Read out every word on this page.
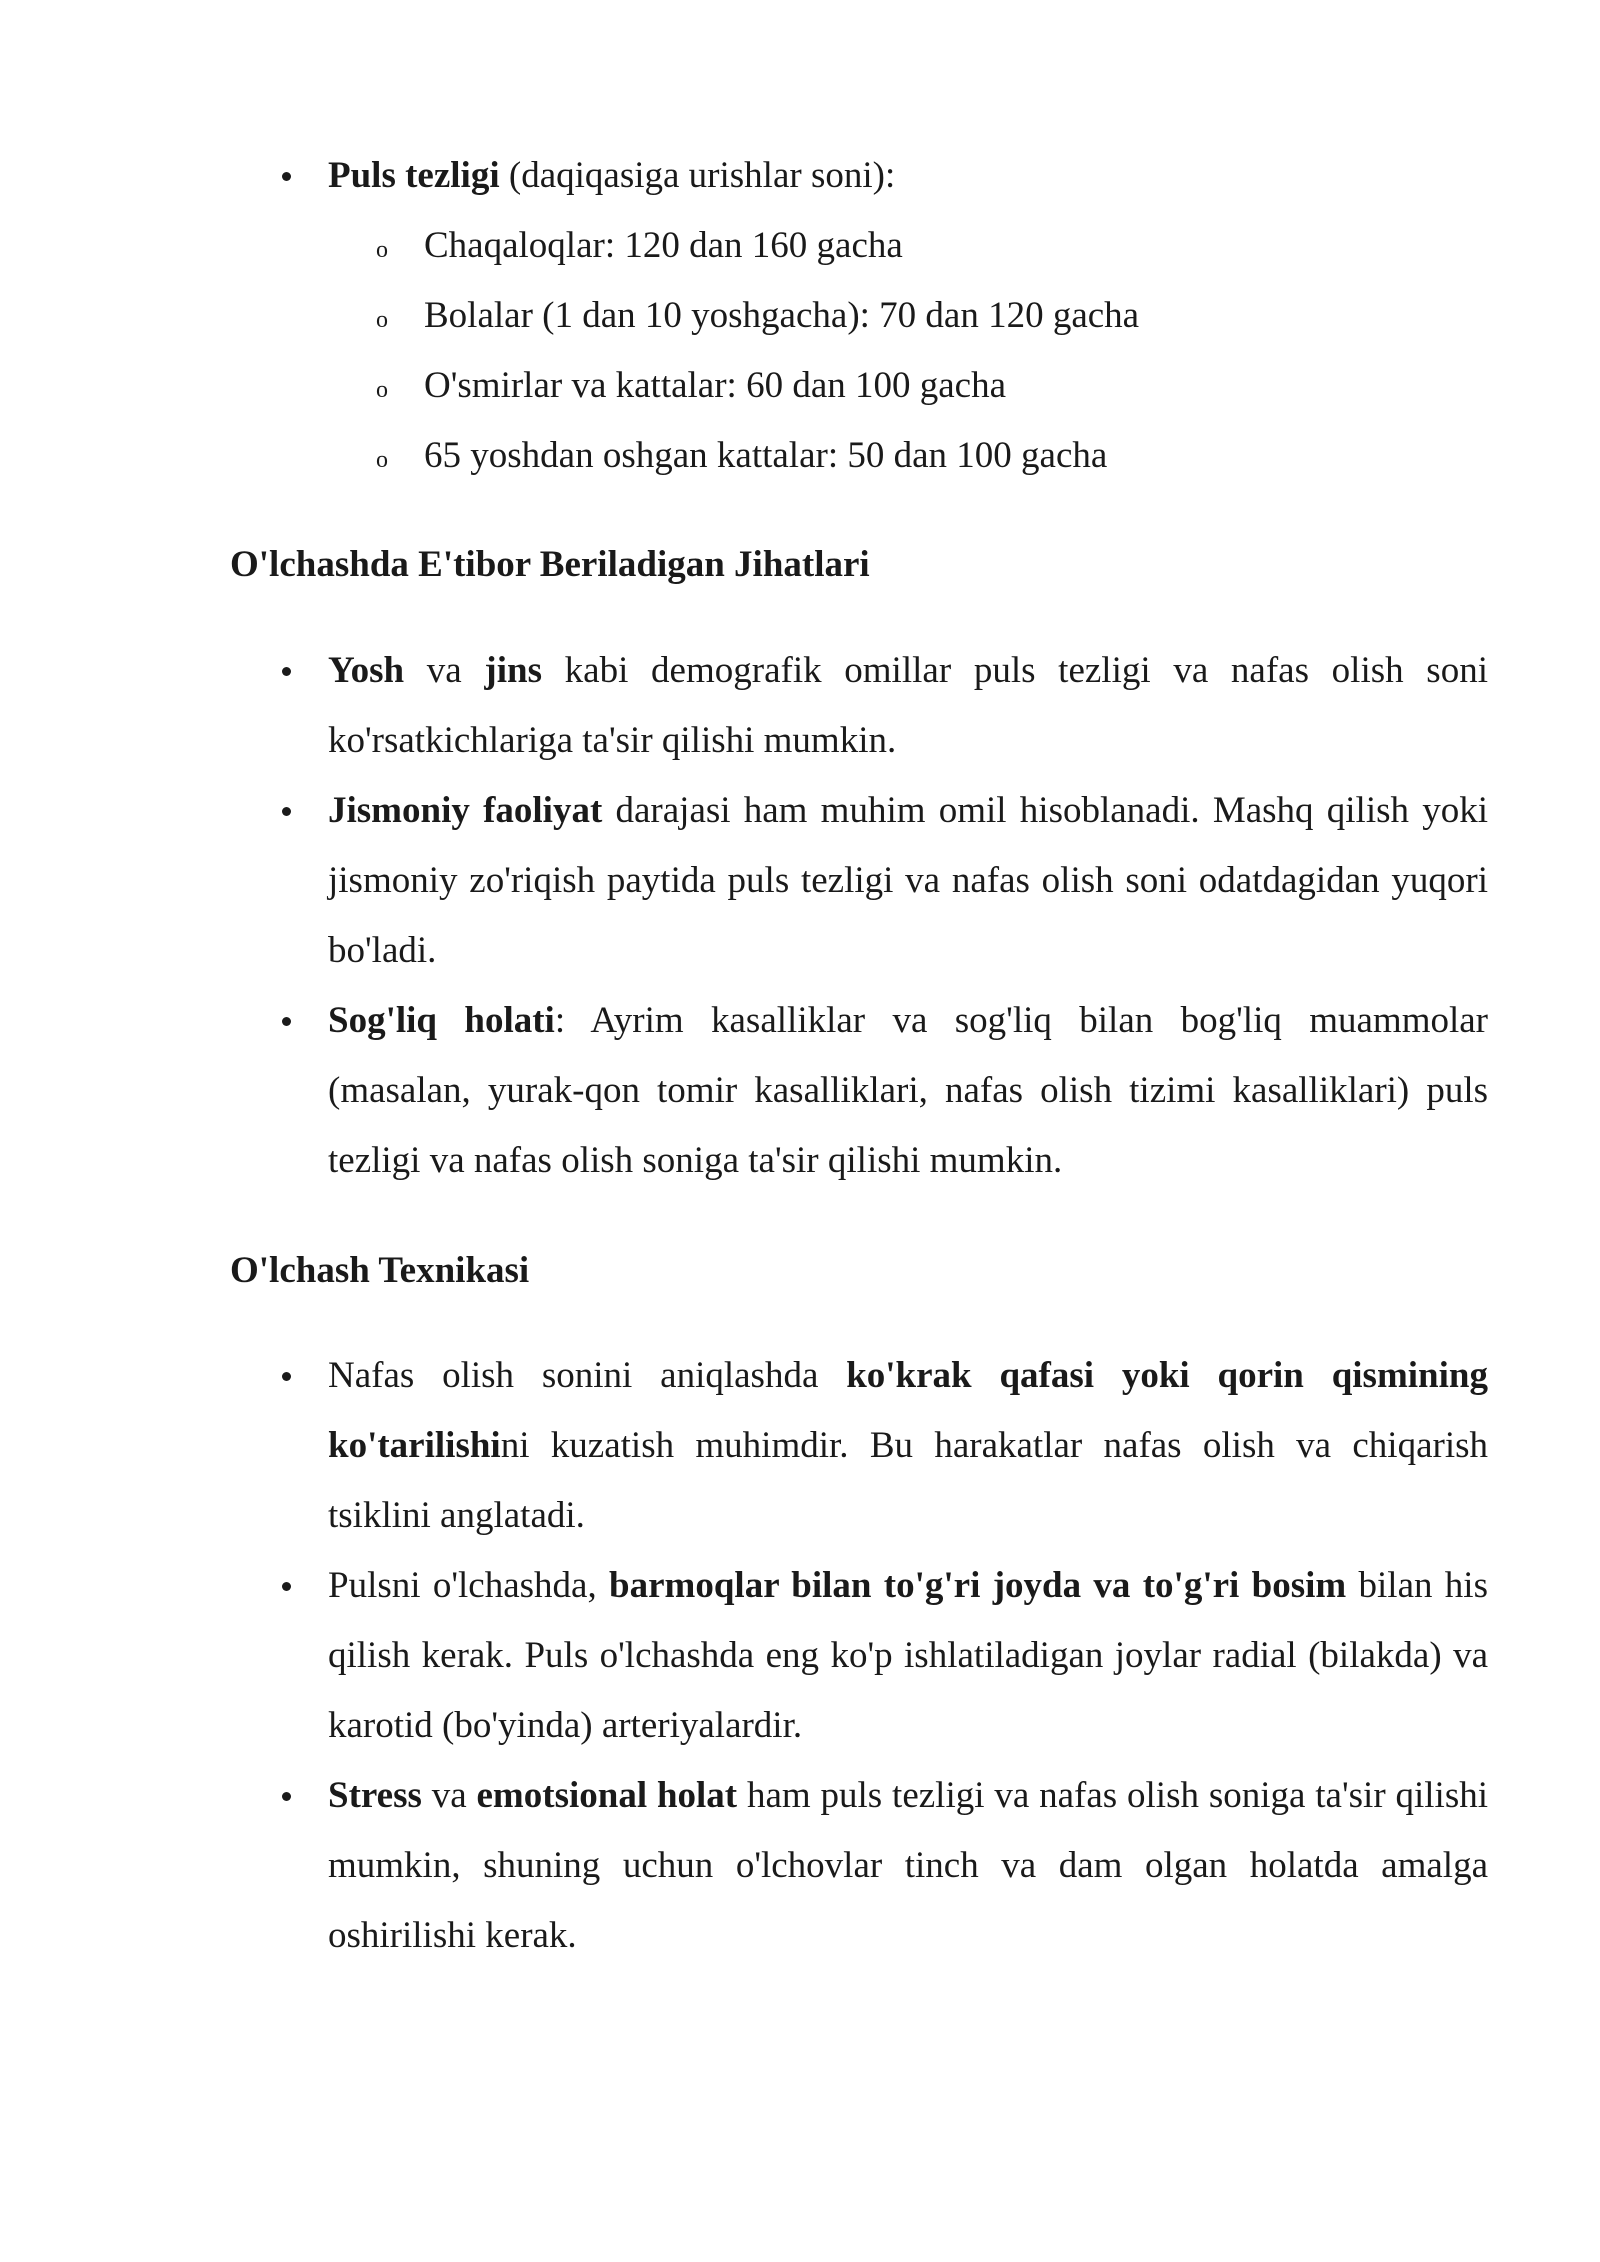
Puls tezligi (daqiqasiga urishlar soni):
o Chaqaloqlar: 120 dan 160 gacha
o Bolalar (1 dan 10 yoshgacha): 70 dan 120 gacha
o O'smirlar va kattalar: 60 dan 100 gacha
o 65 yoshdan oshgan kattalar: 50 dan 100 gacha
O'lchashda E'tibor Beriladigan Jihatlari
Yosh va jins kabi demografik omillar puls tezligi va nafas olish soni ko'rsatkichlariga ta'sir qilishi mumkin.
Jismoniy faoliyat darajasi ham muhim omil hisoblanadi. Mashq qilish yoki jismoniy zo'riqish paytida puls tezligi va nafas olish soni odatdagidan yuqori bo'ladi.
Sog'liq holati: Ayrim kasalliklar va sog'liq bilan bog'liq muammolar (masalan, yurak-qon tomir kasalliklari, nafas olish tizimi kasalliklari) puls tezligi va nafas olish soniga ta'sir qilishi mumkin.
O'lchash Texnikasi
Nafas olish sonini aniqlashda ko'krak qafasi yoki qorin qismining ko'tarilishini kuzatish muhimdir. Bu harakatlar nafas olish va chiqarish tsiklini anglatadi.
Pulsni o'lchashda, barmoqlar bilan to'g'ri joyda va to'g'ri bosim bilan his qilish kerak. Puls o'lchashda eng ko'p ishlatiladigan joylar radial (bilakda) va karotid (bo'yinda) arteriyalardir.
Stress va emotsional holat ham puls tezligi va nafas olish soniga ta'sir qilishi mumkin, shuning uchun o'lchovlar tinch va dam olgan holatda amalga oshirilishi kerak.
